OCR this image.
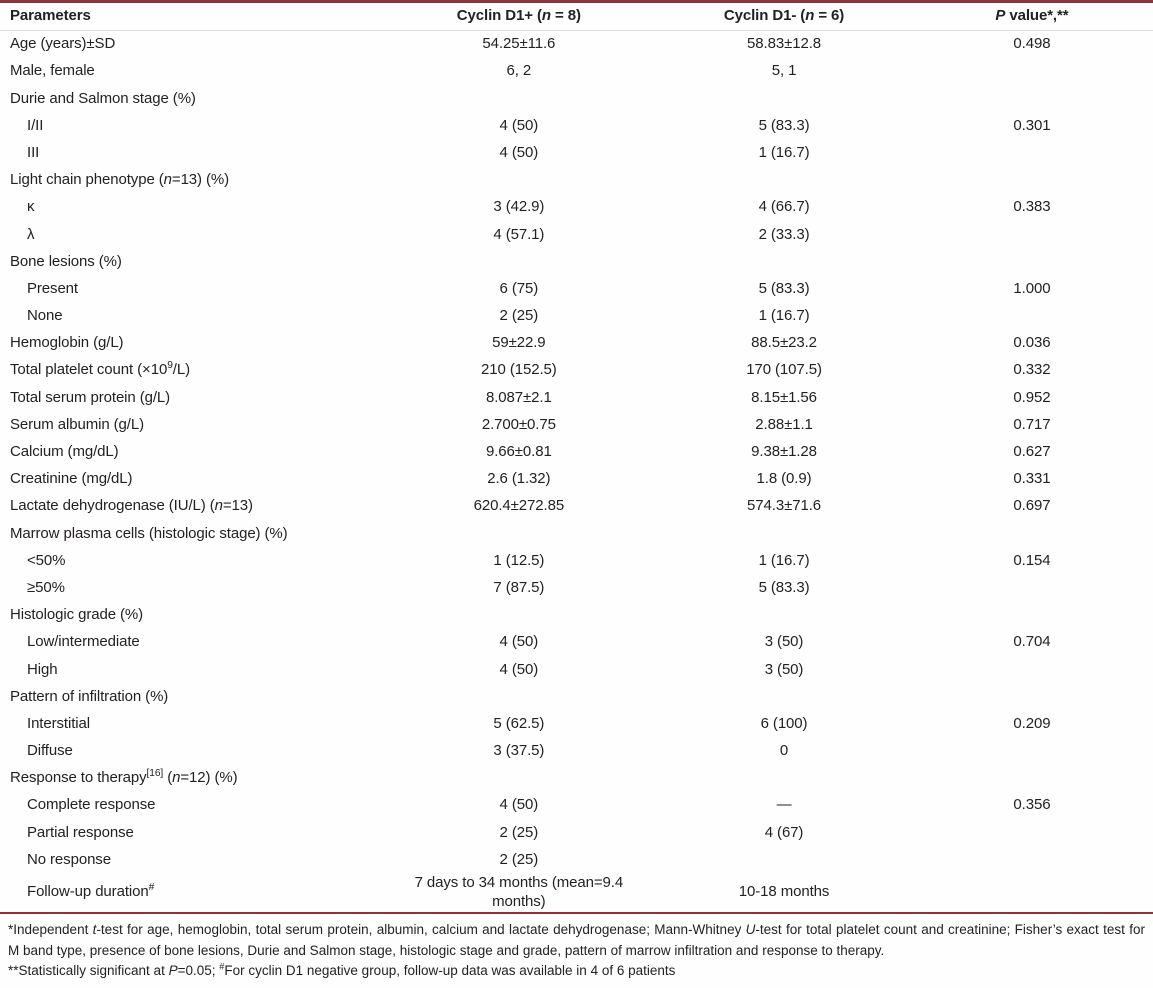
Parameters	Cyclin D1+ (n = 8)	Cyclin D1- (n = 6)	P value*,**
Age (years)±SD	54.25±11.6	58.83±12.8	0.498
Male, female	6, 2	5, 1	
Durie and Salmon stage (%)			
I/II	4 (50)	5 (83.3)	0.301
III	4 (50)	1 (16.7)	
Light chain phenotype (n=13) (%)			
κ	3 (42.9)	4 (66.7)	0.383
λ	4 (57.1)	2 (33.3)	
Bone lesions (%)			
Present	6 (75)	5 (83.3)	1.000
None	2 (25)	1 (16.7)	
Hemoglobin (g/L)	59±22.9	88.5±23.2	0.036
Total platelet count $(\times 10^9/L)$	210 (152.5)	170 (107.5)	0.332
Total serum protein (g/L)	8.087±2.1	8.15±1.56	0.952
Serum albumin (g/L)	2.700±0.75	2.88±1.1	0.717
Calcium (mg/dL)	9.66±0.81	9.38±1.28	0.627
Creatinine (mg/dL)	2.6 (1.32)	1.8 (0.9)	0.331
Lactate dehydrogenase (IU/L) (n=13)	620.4±272.85	574.3±71.6	0.697
Marrow plasma cells (histologic stage) (%)			
<50%	1 (12.5)	1 (16.7)	0.154
≥50%	7 (87.5)	5 (83.3)	
Histologic grade (%)			
Low/intermediate	4 (50)	3 (50)	0.704
High	4 (50)	3 (50)	
Pattern of infiltration (%)			
Interstitial	5 (62.5)	6 (100)	0.209
Diffuse	3 (37.5)	0	
Response to therapy[16] (n=12) (%)			
Complete response	4 (50)	—	0.356
Partial response	2 (25)	4 (67)	
No response	2 (25)		
Follow-up duration#	7 days to 34 months (mean=9.4 months)	10-18 months	

*Independent t-test for age, hemoglobin, total serum protein, albumin, calcium and lactate dehydrogenase; Mann-Whitney U-test for total platelet count and creatinine; Fisher’s exact test for M band type, presence of bone lesions, Durie and Salmon stage, histologic stage and grade, pattern of marrow infiltration and response to therapy.

**Statistically significant at P=0.05; #For cyclin D1 negative group, follow-up data was available in 4 of 6 patients
